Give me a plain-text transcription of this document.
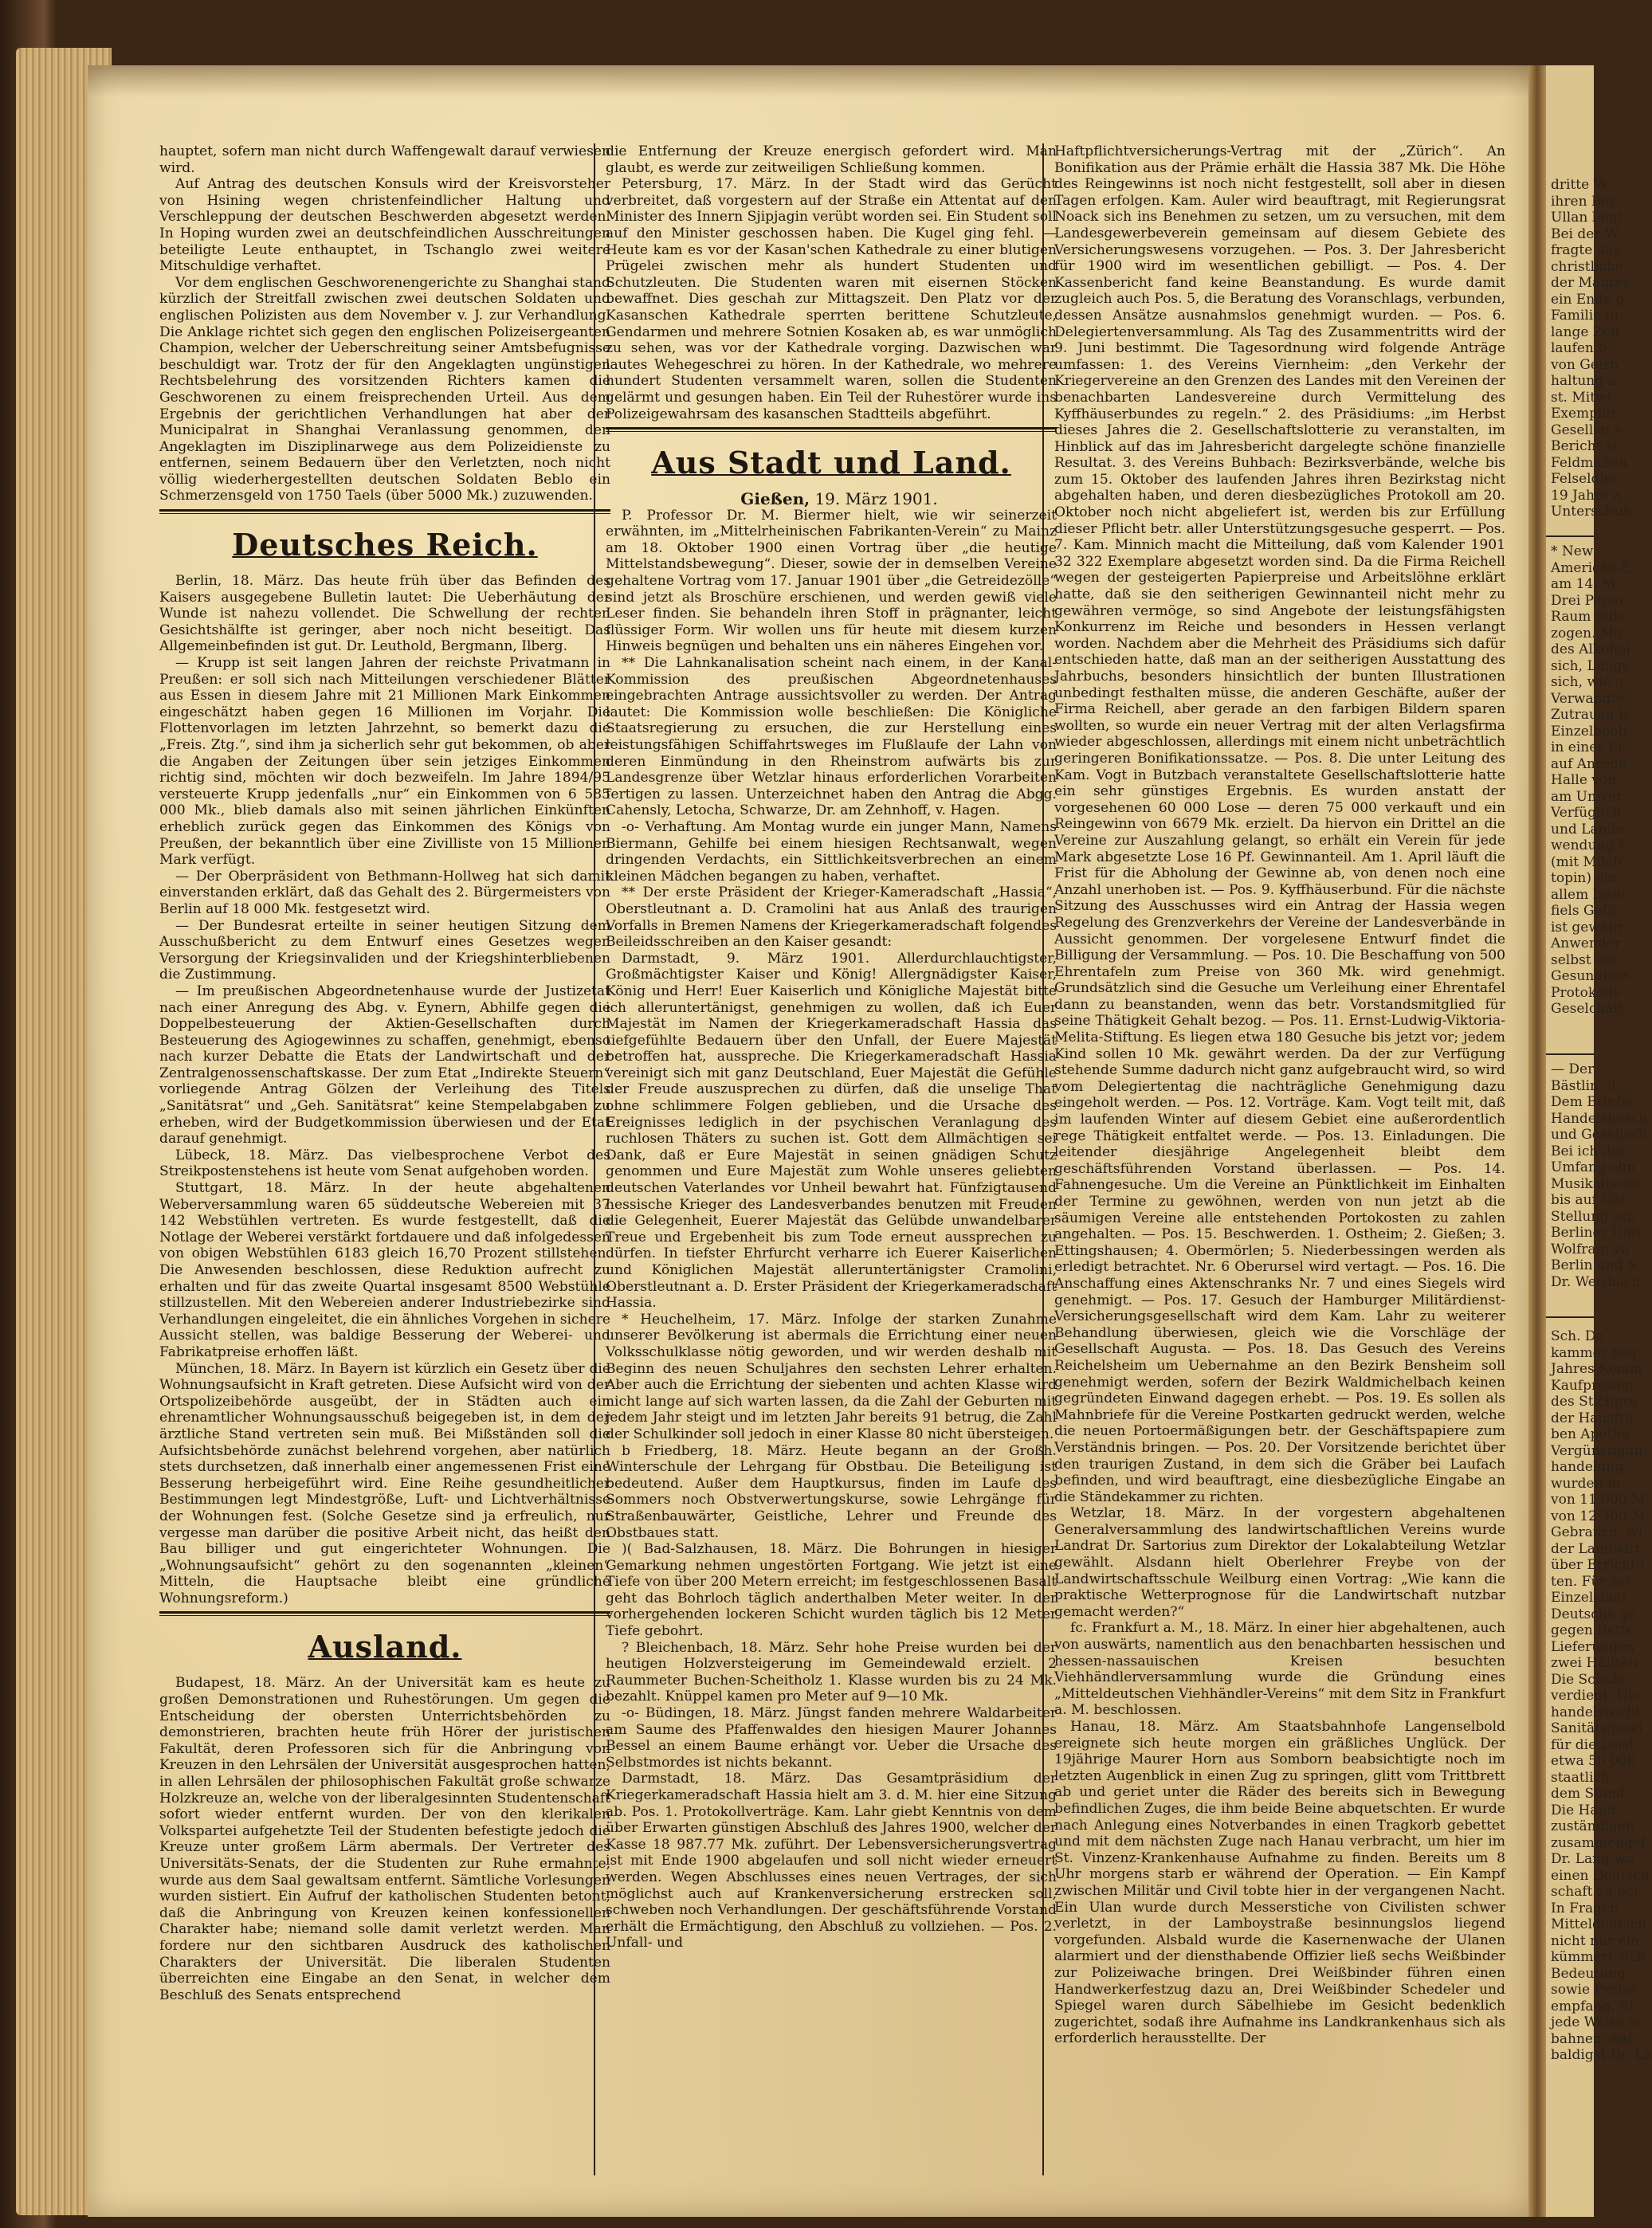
dritte W
ihren Bez
Ullan liegt
Bei der W
fragte das
christliche
der Maurer
ein Ende g
Familie ni
lange Zeit
laufen b
von Geisb
haltung a
st. Mitwi
Exemplar
Gesellen s
Bericht st
Feldmaßen
Felseldler
19 Jahre a
Unterschuh
* New
American-E
am 14. M
Drei Perso
Raum fülle
zogen. Me
des Alkohol
sich, Lunge
sich, wie g
Verwandte
Zutrauen b
Einzelbeob
in einer Ei
auf Anrege
Halle von
am Univer
Verfüglich
und Lande
wendung f
(mit Milch
topin) ein
allem Insel
fiels Gefü
ist gewähr
Anwender
selbst ein
Gesundheit
Protokolle
Geselchaft
— Der
Bästlin, it
Dem Briefw
Handelsbesch
und Gesellsch
Bei ich der
Umfang ohn
Musikalische
bis auf Gül
Stellung sch
Berliner Univ
Wolfram vo
Berlin und S
Dr. Weisbach
Sch. Da
kammer beg
Jahres Komm
Kaufpreisen
des Stichpre
der Hausfra
ben Apothe
Vergünstigun
handelung
wurden in
von 11 000 M
von 12 300 M
Gebrauch, wi
der Landwirt
über Errichtu
ten. Für sei
Einzelstaat
Deutsche ge
gegen Bette
Lieferungen
zwei Hälften
Die Schule
verdient. Ub
handelsrecht
Sanitätsgesel
für die Leist
etwa 50 000
staatlich
dem Stand
Die Hand
zuständigen
zusammengef
Dr. Lang wo
einen Deutsch
schaft zu bei
In Frageb
Mitteldeutsch
nicht nur ein
kümmert sich
Bedeutung
sowie Preise
empfang. Ei
jede Weise w
bahnen, auf
baldigst Dr. La

hauptet, sofern man nicht durch Waffengewalt darauf verwiesen wird.

Auf Antrag des deutschen Konsuls wird der Kreisvorsteher von Hsining wegen christenfeindlicher Haltung und Verschleppung der deutschen Beschwerden abgesetzt werden. In Hoping wurden zwei an deutschfeindlichen Ausschreitungen beteiligte Leute enthauptet, in Tschanglo zwei weitere Mitschuldige verhaftet.

Vor dem englischen Geschworenengerichte zu Shanghai stand kürzlich der Streitfall zwischen zwei deutschen Soldaten und englischen Polizisten aus dem November v. J. zur Verhandlung. Die Anklage richtet sich gegen den englischen Polizeisergeanten Champion, welcher der Ueberschreitung seiner Amtsbefugnisse beschuldigt war. Trotz der für den Angeklagten ungünstigen Rechtsbelehrung des vorsitzenden Richters kamen die Geschworenen zu einem freisprechenden Urteil. Aus dem Ergebnis der gerichtlichen Verhandlungen hat aber der Municipalrat in Shanghai Veranlassung genommen, den Angeklagten im Disziplinarwege aus dem Polizeidienste zu entfernen, seinem Bedauern über den Verletzten, noch nicht völlig wiederhergestellten deutschen Soldaten Beblo ein Schmerzensgeld von 1750 Taels (über 5000 Mk.) zuzuwenden.

Deutsches Reich.

Berlin, 18. März. Das heute früh über das Befinden des Kaisers ausgegebene Bulletin lautet: Die Ueberhäutung der Wunde ist nahezu vollendet. Die Schwellung der rechten Gesichtshälfte ist geringer, aber noch nicht beseitigt. Das Allgemeinbefinden ist gut. Dr. Leuthold, Bergmann, Ilberg.

— Krupp ist seit langen Jahren der reichste Privatmann in Preußen: er soll sich nach Mitteilungen verschiedener Blätter aus Essen in diesem Jahre mit 21 Millionen Mark Einkommen eingeschätzt haben gegen 16 Millionen im Vorjahr. Die Flottenvorlagen im letzten Jahrzehnt, so bemerkt dazu die „Freis. Ztg.“, sind ihm ja sicherlich sehr gut bekommen, ob aber die Angaben der Zeitungen über sein jetziges Einkommen richtig sind, möchten wir doch bezweifeln. Im Jahre 1894/95 versteuerte Krupp jedenfalls „nur“ ein Einkommen von 6 585 000 Mk., blieb damals also mit seinen jährlichen Einkünften erheblich zurück gegen das Einkommen des Königs von Preußen, der bekanntlich über eine Zivilliste von 15 Millionen Mark verfügt.

— Der Oberpräsident von Bethmann-Hollweg hat sich damit einverstanden erklärt, daß das Gehalt des 2. Bürgermeisters von Berlin auf 18 000 Mk. festgesetzt wird.

— Der Bundesrat erteilte in seiner heutigen Sitzung dem Ausschußbericht zu dem Entwurf eines Gesetzes wegen Versorgung der Kriegsinvaliden und der Kriegshinterbliebenen die Zustimmung.

— Im preußischen Abgeordnetenhause wurde der Justizetat nach einer Anregung des Abg. v. Eynern, Abhilfe gegen die Doppelbesteuerung der Aktien-Gesellschaften durch Besteuerung des Agiogewinnes zu schaffen, genehmigt, ebenso nach kurzer Debatte die Etats der Landwirtschaft und der Zentralgenossenschaftskasse. Der zum Etat „Indirekte Steuern“ vorliegende Antrag Gölzen der Verleihung des Titels „Sanitätsrat“ und „Geh. Sanitätsrat“ keine Stempelabgaben zu erheben, wird der Budgetkommission überwiesen und der Etat darauf genehmigt.

Lübeck, 18. März. Das vielbesprochene Verbot des Streikpostenstehens ist heute vom Senat aufgehoben worden.

Stuttgart, 18. März. In der heute abgehaltenen Weberversammlung waren 65 süddeutsche Webereien mit 37 142 Webstühlen vertreten. Es wurde festgestellt, daß die Notlage der Weberei verstärkt fortdauere und daß infolgedessen von obigen Webstühlen 6183 gleich 16,70 Prozent stillstehen. Die Anwesenden beschlossen, diese Reduktion aufrecht zu erhalten und für das zweite Quartal insgesamt 8500 Webstühle stillzustellen. Mit den Webereien anderer Industriebezirke sind Verhandlungen eingeleitet, die ein ähnliches Vorgehen in sichere Aussicht stellen, was baldige Besserung der Weberei- und Fabrikatpreise erhoffen läßt.

München, 18. März. In Bayern ist kürzlich ein Gesetz über die Wohnungsaufsicht in Kraft getreten. Diese Aufsicht wird von der Ortspolizeibehörde ausgeübt, der in Städten auch ein ehrenamtlicher Wohnungsausschuß beigegeben ist, in dem der ärztliche Stand vertreten sein muß. Bei Mißständen soll die Aufsichtsbehörde zunächst belehrend vorgehen, aber natürlich stets durchsetzen, daß innerhalb einer angemessenen Frist eine Besserung herbeigeführt wird. Eine Reihe gesundheitlicher Bestimmungen legt Mindestgröße, Luft- und Lichtverhältnisse der Wohnungen fest. (Solche Gesetze sind ja erfreulich, nur vergesse man darüber die positive Arbeit nicht, das heißt den Bau billiger und gut eingerichteter Wohnungen. Die „Wohnungsaufsicht“ gehört zu den sogenannten „kleinen“ Mitteln, die Hauptsache bleibt eine gründliche Wohnungsreform.)

Ausland.

Budapest, 18. März. An der Universität kam es heute zu großen Demonstrationen und Ruhestörungen. Um gegen die Entscheidung der obersten Unterrichtsbehörden zu demonstrieren, brachten heute früh Hörer der juristischen Fakultät, deren Professoren sich für die Anbringung von Kreuzen in den Lehrsälen der Universität ausgesprochen hatten, in allen Lehrsälen der philosophischen Fakultät große schwarze Holzkreuze an, welche von der liberalgesinnten Studentenschaft sofort wieder entfernt wurden. Der von den klerikalen Volkspartei aufgehetzte Teil der Studenten befestigte jedoch die Kreuze unter großem Lärm abermals. Der Vertreter des Universitäts-Senats, der die Studenten zur Ruhe ermahnte, wurde aus dem Saal gewaltsam entfernt. Sämtliche Vorlesungen wurden sistiert. Ein Aufruf der katholischen Studenten betont, daß die Anbringung von Kreuzen keinen konfessionellen Charakter habe; niemand solle damit verletzt werden. Man fordere nur den sichtbaren Ausdruck des katholischen Charakters der Universität. Die liberalen Studenten überreichten eine Eingabe an den Senat, in welcher dem Beschluß des Senats entsprechend

die Entfernung der Kreuze energisch gefordert wird. Man glaubt, es werde zur zeitweiligen Schließung kommen.

Petersburg, 17. März. In der Stadt wird das Gerücht verbreitet, daß vorgestern auf der Straße ein Attentat auf den Minister des Innern Sjipjagin verübt worden sei. Ein Student soll auf den Minister geschossen haben. Die Kugel ging fehl. — Heute kam es vor der Kasan'schen Kathedrale zu einer blutigen Prügelei zwischen mehr als hundert Studenten und Schutzleuten. Die Studenten waren mit eisernen Stöcken bewaffnet. Dies geschah zur Mittagszeit. Den Platz vor der Kasanschen Kathedrale sperrten berittene Schutzleute, Gendarmen und mehrere Sotnien Kosaken ab, es war unmöglich zu sehen, was vor der Kathedrale vorging. Dazwischen war lautes Wehegeschrei zu hören. In der Kathedrale, wo mehrere hundert Studenten versammelt waren, sollen die Studenten gelärmt und gesungen haben. Ein Teil der Ruhestörer wurde ins Polizeigewahrsam des kasanschen Stadtteils abgeführt.

Aus Stadt und Land.

Gießen, 19. März 1901.

P. Professor Dr. M. Biermer hielt, wie wir seinerzeit erwähnten, im „Mittelrheinischen Fabrikanten-Verein“ zu Mainz am 18. Oktober 1900 einen Vortrag über „die heutige Mittelstandsbewegung“. Dieser, sowie der in demselben Vereine gehaltene Vortrag vom 17. Januar 1901 über „die Getreidezölle“ sind jetzt als Broschüre erschienen, und werden gewiß viele Leser finden. Sie behandeln ihren Stoff in prägnanter, leicht flüssiger Form. Wir wollen uns für heute mit diesem kurzen Hinweis begnügen und behalten uns ein näheres Eingehen vor.

** Die Lahnkanalisation scheint nach einem, in der Kanal-Kommission des preußischen Abgeordnetenhauses eingebrachten Antrage aussichtsvoller zu werden. Der Antrag lautet: Die Kommission wolle beschließen: Die Königliche Staatsregierung zu ersuchen, die zur Herstellung eines leistungsfähigen Schiffahrtsweges im Flußlaufe der Lahn von deren Einmündung in den Rheinstrom aufwärts bis zur Landesgrenze über Wetzlar hinaus erforderlichen Vorarbeiten fertigen zu lassen. Unterzeichnet haben den Antrag die Abgg. Cahensly, Letocha, Schwarze, Dr. am Zehnhoff, v. Hagen.

-o- Verhaftung. Am Montag wurde ein junger Mann, Namens Biermann, Gehilfe bei einem hiesigen Rechtsanwalt, wegen dringenden Verdachts, ein Sittlichkeitsverbrechen an einem kleinen Mädchen begangen zu haben, verhaftet.

** Der erste Präsident der Krieger-Kameradschaft „Hassia“, Oberstleutnant a. D. Cramolini hat aus Anlaß des traurigen Vorfalls in Bremen Namens der Kriegerkameradschaft folgendes Beileidsschreiben an den Kaiser gesandt:

Darmstadt, 9. März 1901. Allerdurchlauchtigster, Großmächtigster Kaiser und König! Allergnädigster Kaiser, König und Herr! Euer Kaiserlich und Königliche Majestät bitte ich alleruntertänigst, genehmigen zu wollen, daß ich Euer Majestät im Namen der Kriegerkameradschaft Hassia das tiefgefühlte Bedauern über den Unfall, der Euere Majestät betroffen hat, ausspreche. Die Kriegerkameradschaft Hassia vereinigt sich mit ganz Deutschland, Euer Majestät die Gefühle der Freude auszusprechen zu dürfen, daß die unselige That ohne schlimmere Folgen geblieben, und die Ursache des Ereignisses lediglich in der psychischen Veranlagung des ruchlosen Thäters zu suchen ist. Gott dem Allmächtigen sei Dank, daß er Eure Majestät in seinen gnädigen Schutz genommen und Eure Majestät zum Wohle unseres geliebten deutschen Vaterlandes vor Unheil bewahrt hat. Fünfzigtausend hessische Krieger des Landesverbandes benutzen mit Freuden die Gelegenheit, Euerer Majestät das Gelübde unwandelbarer Treue und Ergebenheit bis zum Tode erneut aussprechen zu dürfen. In tiefster Ehrfurcht verharre ich Euerer Kaiserlichen und Königlichen Majestät alleruntertänigster Cramolini, Oberstleutnant a. D. Erster Präsident der Kriegerkameradschaft Hassia.

* Heuchelheim, 17. März. Infolge der starken Zunahme unserer Bevölkerung ist abermals die Errichtung einer neuen Volksschulklasse nötig geworden, und wir werden deshalb mit Beginn des neuen Schuljahres den sechsten Lehrer erhalten. Aber auch die Errichtung der siebenten und achten Klasse wird nicht lange auf sich warten lassen, da die Zahl der Geburten mit jedem Jahr steigt und im letzten Jahr bereits 91 betrug, die Zahl der Schulkinder soll jedoch in einer Klasse 80 nicht übersteigen.

b Friedberg, 18. März. Heute begann an der Großh. Winterschule der Lehrgang für Obstbau. Die Beteiligung ist bedeutend. Außer dem Hauptkursus, finden im Laufe des Sommers noch Obstverwertungskurse, sowie Lehrgänge für Straßenbauwärter, Geistliche, Lehrer und Freunde des Obstbaues statt.

)( Bad-Salzhausen, 18. März. Die Bohrungen in hiesiger Gemarkung nehmen ungestörten Fortgang. Wie jetzt ist eine Tiefe von über 200 Metern erreicht; im festgeschlossenen Basalt geht das Bohrloch täglich anderthalben Meter weiter. In der vorhergehenden lockeren Schicht wurden täglich bis 12 Meter Tiefe gebohrt.

? Bleichenbach, 18. März. Sehr hohe Preise wurden bei der heutigen Holzversteigerung im Gemeindewald erzielt. 2 Raummeter Buchen-Scheitholz 1. Klasse wurden bis zu 24 Mk. bezahlt. Knüppel kamen pro Meter auf 9—10 Mk.

-o- Büdingen, 18. März. Jüngst fanden mehrere Waldarbeiter am Saume des Pfaffenwaldes den hiesigen Maurer Johannes Bessel an einem Baume erhängt vor. Ueber die Ursache des Selbstmordes ist nichts bekannt.

Darmstadt, 18. März. Das Gesamtpräsidium der Kriegerkameradschaft Hassia hielt am 3. d. M. hier eine Sitzung ab. Pos. 1. Protokollverträge. Kam. Lahr giebt Kenntnis von dem über Erwarten günstigen Abschluß des Jahres 1900, welcher der Kasse 18 987.77 Mk. zuführt. Der Lebensversicherungsvertrag ist mit Ende 1900 abgelaufen und soll nicht wieder erneuert werden. Wegen Abschlusses eines neuen Vertrages, der sich möglichst auch auf Krankenversicherung erstrecken soll, schweben noch Verhandlungen. Der geschäftsführende Vorstand erhält die Ermächtigung, den Abschluß zu vollziehen. — Pos. 2. Unfall- und

Haftpflichtversicherungs-Vertrag mit der „Zürich“. An Bonifikation aus der Prämie erhält die Hassia 387 Mk. Die Höhe des Reingewinns ist noch nicht festgestellt, soll aber in diesen Tagen erfolgen. Kam. Auler wird beauftragt, mit Regierungsrat Noack sich ins Benehmen zu setzen, um zu versuchen, mit dem Landesgewerbeverein gemeinsam auf diesem Gebiete des Versicherungswesens vorzugehen. — Pos. 3. Der Jahresbericht für 1900 wird im wesentlichen gebilligt. — Pos. 4. Der Kassenbericht fand keine Beanstandung. Es wurde damit zugleich auch Pos. 5, die Beratung des Voranschlags, verbunden, dessen Ansätze ausnahmslos genehmigt wurden. — Pos. 6. Delegiertenversammlung. Als Tag des Zusammentritts wird der 9. Juni bestimmt. Die Tagesordnung wird folgende Anträge umfassen: 1. des Vereins Viernheim: „den Verkehr der Kriegervereine an den Grenzen des Landes mit den Vereinen der benachbarten Landesvereine durch Vermittelung des Kyffhäuserbundes zu regeln.“ 2. des Präsidiums: „im Herbst dieses Jahres die 2. Gesellschaftslotterie zu veranstalten, im Hinblick auf das im Jahresbericht dargelegte schöne finanzielle Resultat. 3. des Vereins Buhbach: Bezirksverbände, welche bis zum 15. Oktober des laufenden Jahres ihren Bezirkstag nicht abgehalten haben, und deren diesbezügliches Protokoll am 20. Oktober noch nicht abgeliefert ist, werden bis zur Erfüllung dieser Pflicht betr. aller Unterstützungsgesuche gesperrt. — Pos. 7. Kam. Minnich macht die Mitteilung, daß vom Kalender 1901 32 322 Exemplare abgesetzt worden sind. Da die Firma Reichell wegen der gesteigerten Papierpreise und Arbeitslöhne erklärt hatte, daß sie den seitherigen Gewinnanteil nicht mehr zu gewähren vermöge, so sind Angebote der leistungsfähigsten Konkurrenz im Reiche und besonders in Hessen verlangt worden. Nachdem aber die Mehrheit des Präsidiums sich dafür entschieden hatte, daß man an der seitherigen Ausstattung des Jahrbuchs, besonders hinsichtlich der bunten Illustrationen unbedingt festhalten müsse, die anderen Geschäfte, außer der Firma Reichell, aber gerade an den farbigen Bildern sparen wollten, so wurde ein neuer Vertrag mit der alten Verlagsfirma wieder abgeschlossen, allerdings mit einem nicht unbeträchtlich geringeren Bonifikationssatze. — Pos. 8. Die unter Leitung des Kam. Vogt in Butzbach veranstaltete Gesellschaftslotterie hatte ein sehr günstiges Ergebnis. Es wurden anstatt der vorgesehenen 60 000 Lose — deren 75 000 verkauft und ein Reingewinn von 6679 Mk. erzielt. Da hiervon ein Drittel an die Vereine zur Auszahlung gelangt, so erhält ein Verein für jede Mark abgesetzte Lose 16 Pf. Gewinnanteil. Am 1. April läuft die Frist für die Abholung der Gewinne ab, von denen noch eine Anzahl unerhoben ist. — Pos. 9. Kyffhäuserbund. Für die nächste Sitzung des Ausschusses wird ein Antrag der Hassia wegen Regelung des Grenzverkehrs der Vereine der Landesverbände in Aussicht genommen. Der vorgelesene Entwurf findet die Billigung der Versammlung. — Pos. 10. Die Beschaffung von 500 Ehrentafeln zum Preise von 360 Mk. wird genehmigt. Grundsätzlich sind die Gesuche um Verleihung einer Ehrentafel dann zu beanstanden, wenn das betr. Vorstandsmitglied für seine Thätigkeit Gehalt bezog. — Pos. 11. Ernst-Ludwig-Viktoria-Melita-Stiftung. Es liegen etwa 180 Gesuche bis jetzt vor; jedem Kind sollen 10 Mk. gewährt werden. Da der zur Verfügung stehende Summe dadurch nicht ganz aufgebraucht wird, so wird vom Delegiertentag die nachträgliche Genehmigung dazu eingeholt werden. — Pos. 12. Vorträge. Kam. Vogt teilt mit, daß im laufenden Winter auf diesem Gebiet eine außerordentlich rege Thätigkeit entfaltet werde. — Pos. 13. Einladungen. Die leitender diesjährige Angelegenheit bleibt dem geschäftsführenden Vorstand überlassen. — Pos. 14. Fahnengesuche. Um die Vereine an Pünktlichkeit im Einhalten der Termine zu gewöhnen, werden von nun jetzt ab die säumigen Vereine alle entstehenden Portokosten zu zahlen angehalten. — Pos. 15. Beschwerden. 1. Ostheim; 2. Gießen; 3. Ettingshausen; 4. Obermörlen; 5. Niederbessingen werden als erledigt betrachtet. Nr. 6 Oberursel wird vertagt. — Pos. 16. Die Anschaffung eines Aktenschranks Nr. 7 und eines Siegels wird genehmigt. — Pos. 17. Gesuch der Hamburger Militärdienst-Versicherungsgesellschaft wird dem Kam. Lahr zu weiterer Behandlung überwiesen, gleich wie die Vorschläge der Gesellschaft Augusta. — Pos. 18. Das Gesuch des Vereins Reichelsheim um Uebernahme an den Bezirk Bensheim soll genehmigt werden, sofern der Bezirk Waldmichelbach keinen gegründeten Einwand dagegen erhebt. — Pos. 19. Es sollen als Mahnbriefe für die Vereine Postkarten gedruckt werden, welche die neuen Portoermäßigungen betr. der Geschäftspapiere zum Verständnis bringen. — Pos. 20. Der Vorsitzende berichtet über den traurigen Zustand, in dem sich die Gräber bei Laufach befinden, und wird beauftragt, eine diesbezügliche Eingabe an die Ständekammer zu richten.

Wetzlar, 18. März. In der vorgestern abgehaltenen Generalversammlung des landwirtschaftlichen Vereins wurde Landrat Dr. Sartorius zum Direktor der Lokalabteilung Wetzlar gewählt. Alsdann hielt Oberlehrer Freybe von der Landwirtschaftsschule Weilburg einen Vortrag: „Wie kann die praktische Wetterprognose für die Landwirtschaft nutzbar gemacht werden?“

fc. Frankfurt a. M., 18. März. In einer hier abgehaltenen, auch von auswärts, namentlich aus den benachbarten hessischen und hessen-nassauischen Kreisen besuchten Viehhändlerversammlung wurde die Gründung eines „Mitteldeutschen Viehhändler-Vereins“ mit dem Sitz in Frankfurt a. M. beschlossen.

Hanau, 18. März. Am Staatsbahnhofe Langenselbold ereignete sich heute morgen ein gräßliches Unglück. Der 19jährige Maurer Horn aus Somborn beabsichtigte noch im letzten Augenblick in einen Zug zu springen, glitt vom Trittbrett ab und geriet unter die Räder des bereits sich in Bewegung befindlichen Zuges, die ihm beide Beine abquetschten. Er wurde nach Anlegung eines Notverbandes in einen Tragkorb gebettet und mit dem nächsten Zuge nach Hanau verbracht, um hier im St. Vinzenz-Krankenhause Aufnahme zu finden. Bereits um 8 Uhr morgens starb er während der Operation. — Ein Kampf zwischen Militär und Civil tobte hier in der vergangenen Nacht. Ein Ulan wurde durch Messerstiche von Civilisten schwer verletzt, in der Lamboystraße besinnungslos liegend vorgefunden. Alsbald wurde die Kasernenwache der Ulanen alarmiert und der diensthabende Offizier ließ sechs Weißbinder zur Polizeiwache bringen. Drei Weißbinder führen einen Handwerkerfestzug dazu an, Drei Weißbinder Schedeler und Spiegel waren durch Säbelhiebe im Gesicht bedenklich zugerichtet, sodaß ihre Aufnahme ins Landkrankenhaus sich als erforderlich herausstellte. Der
